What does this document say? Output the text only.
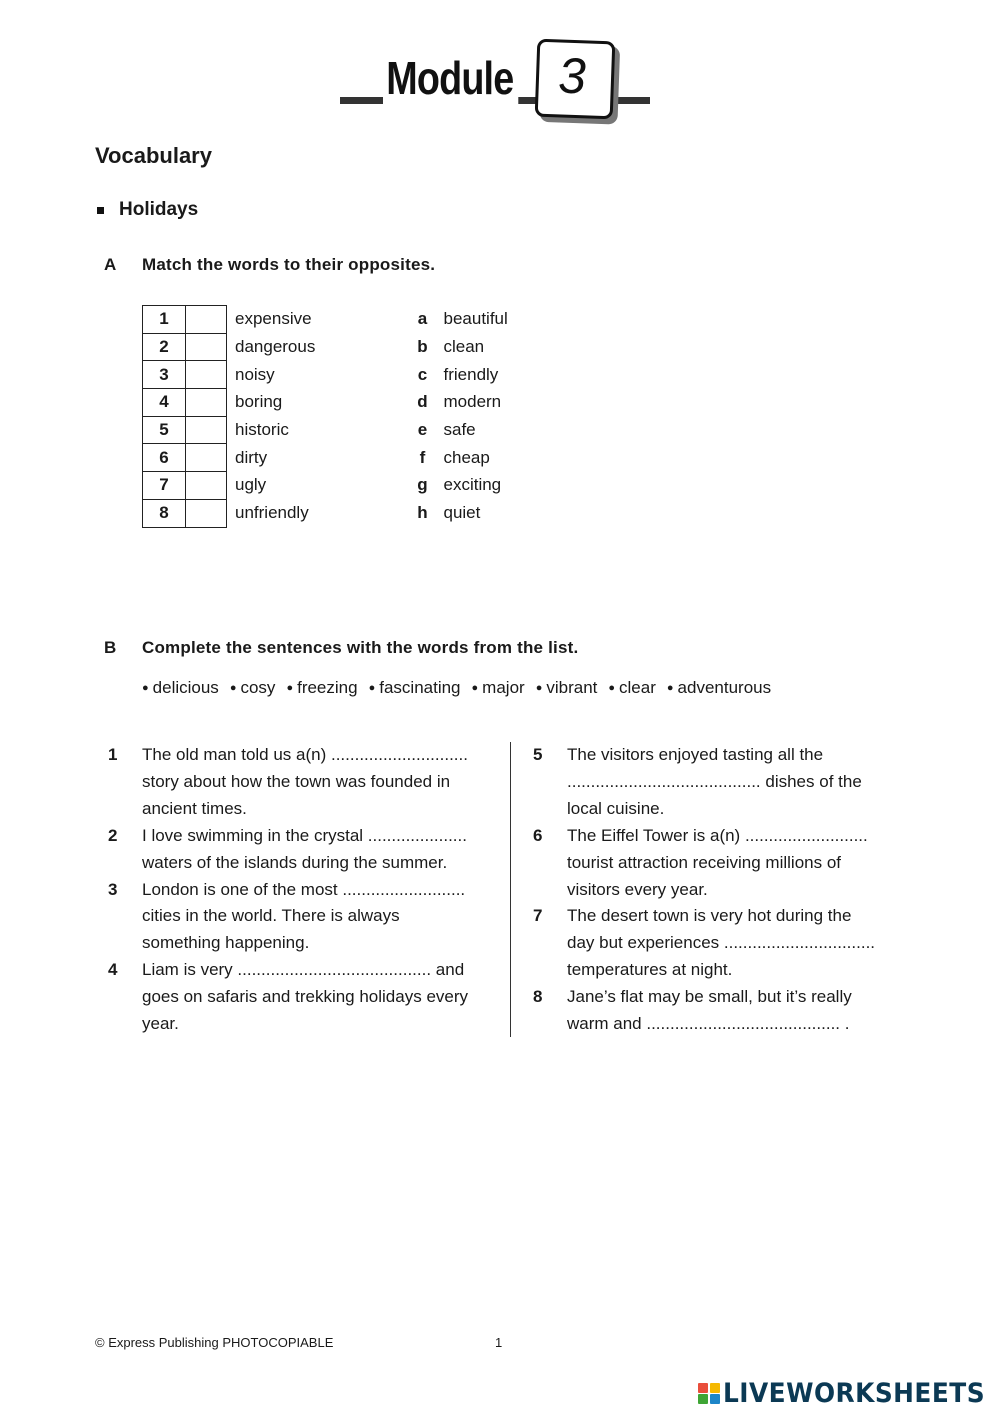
Module 3
Vocabulary
Holidays
A Match the words to their opposites.
1		expensive	a	beautiful
2		dangerous	b	clean
3		noisy	c	friendly
4		boring	d	modern
5		historic	e	safe
6		dirty	f	cheap
7		ugly	g	exciting
8		unfriendly	h	quiet
B Complete the sentences with the words from the list.
● delicious ● cosy ● freezing ● fascinating ● major ● vibrant ● clear ● adventurous
1 The old man told us a(n) .............................
story about how the town was founded in
ancient times.
2 I love swimming in the crystal .....................
waters of the islands during the summer.
3 London is one of the most ..........................
cities in the world. There is always
something happening.
4 Liam is very ......................................... and
goes on safaris and trekking holidays every
year.
5 The visitors enjoyed tasting all the
......................................... dishes of the
local cuisine.
6 The Eiffel Tower is a(n) ..........................
tourist attraction receiving millions of
visitors every year.
7 The desert town is very hot during the
day but experiences ................................
temperatures at night.
8 Jane’s flat may be small, but it’s really
warm and ......................................... .
© Express Publishing PHOTOCOPIABLE	1
LIVEWORKSHEETS
